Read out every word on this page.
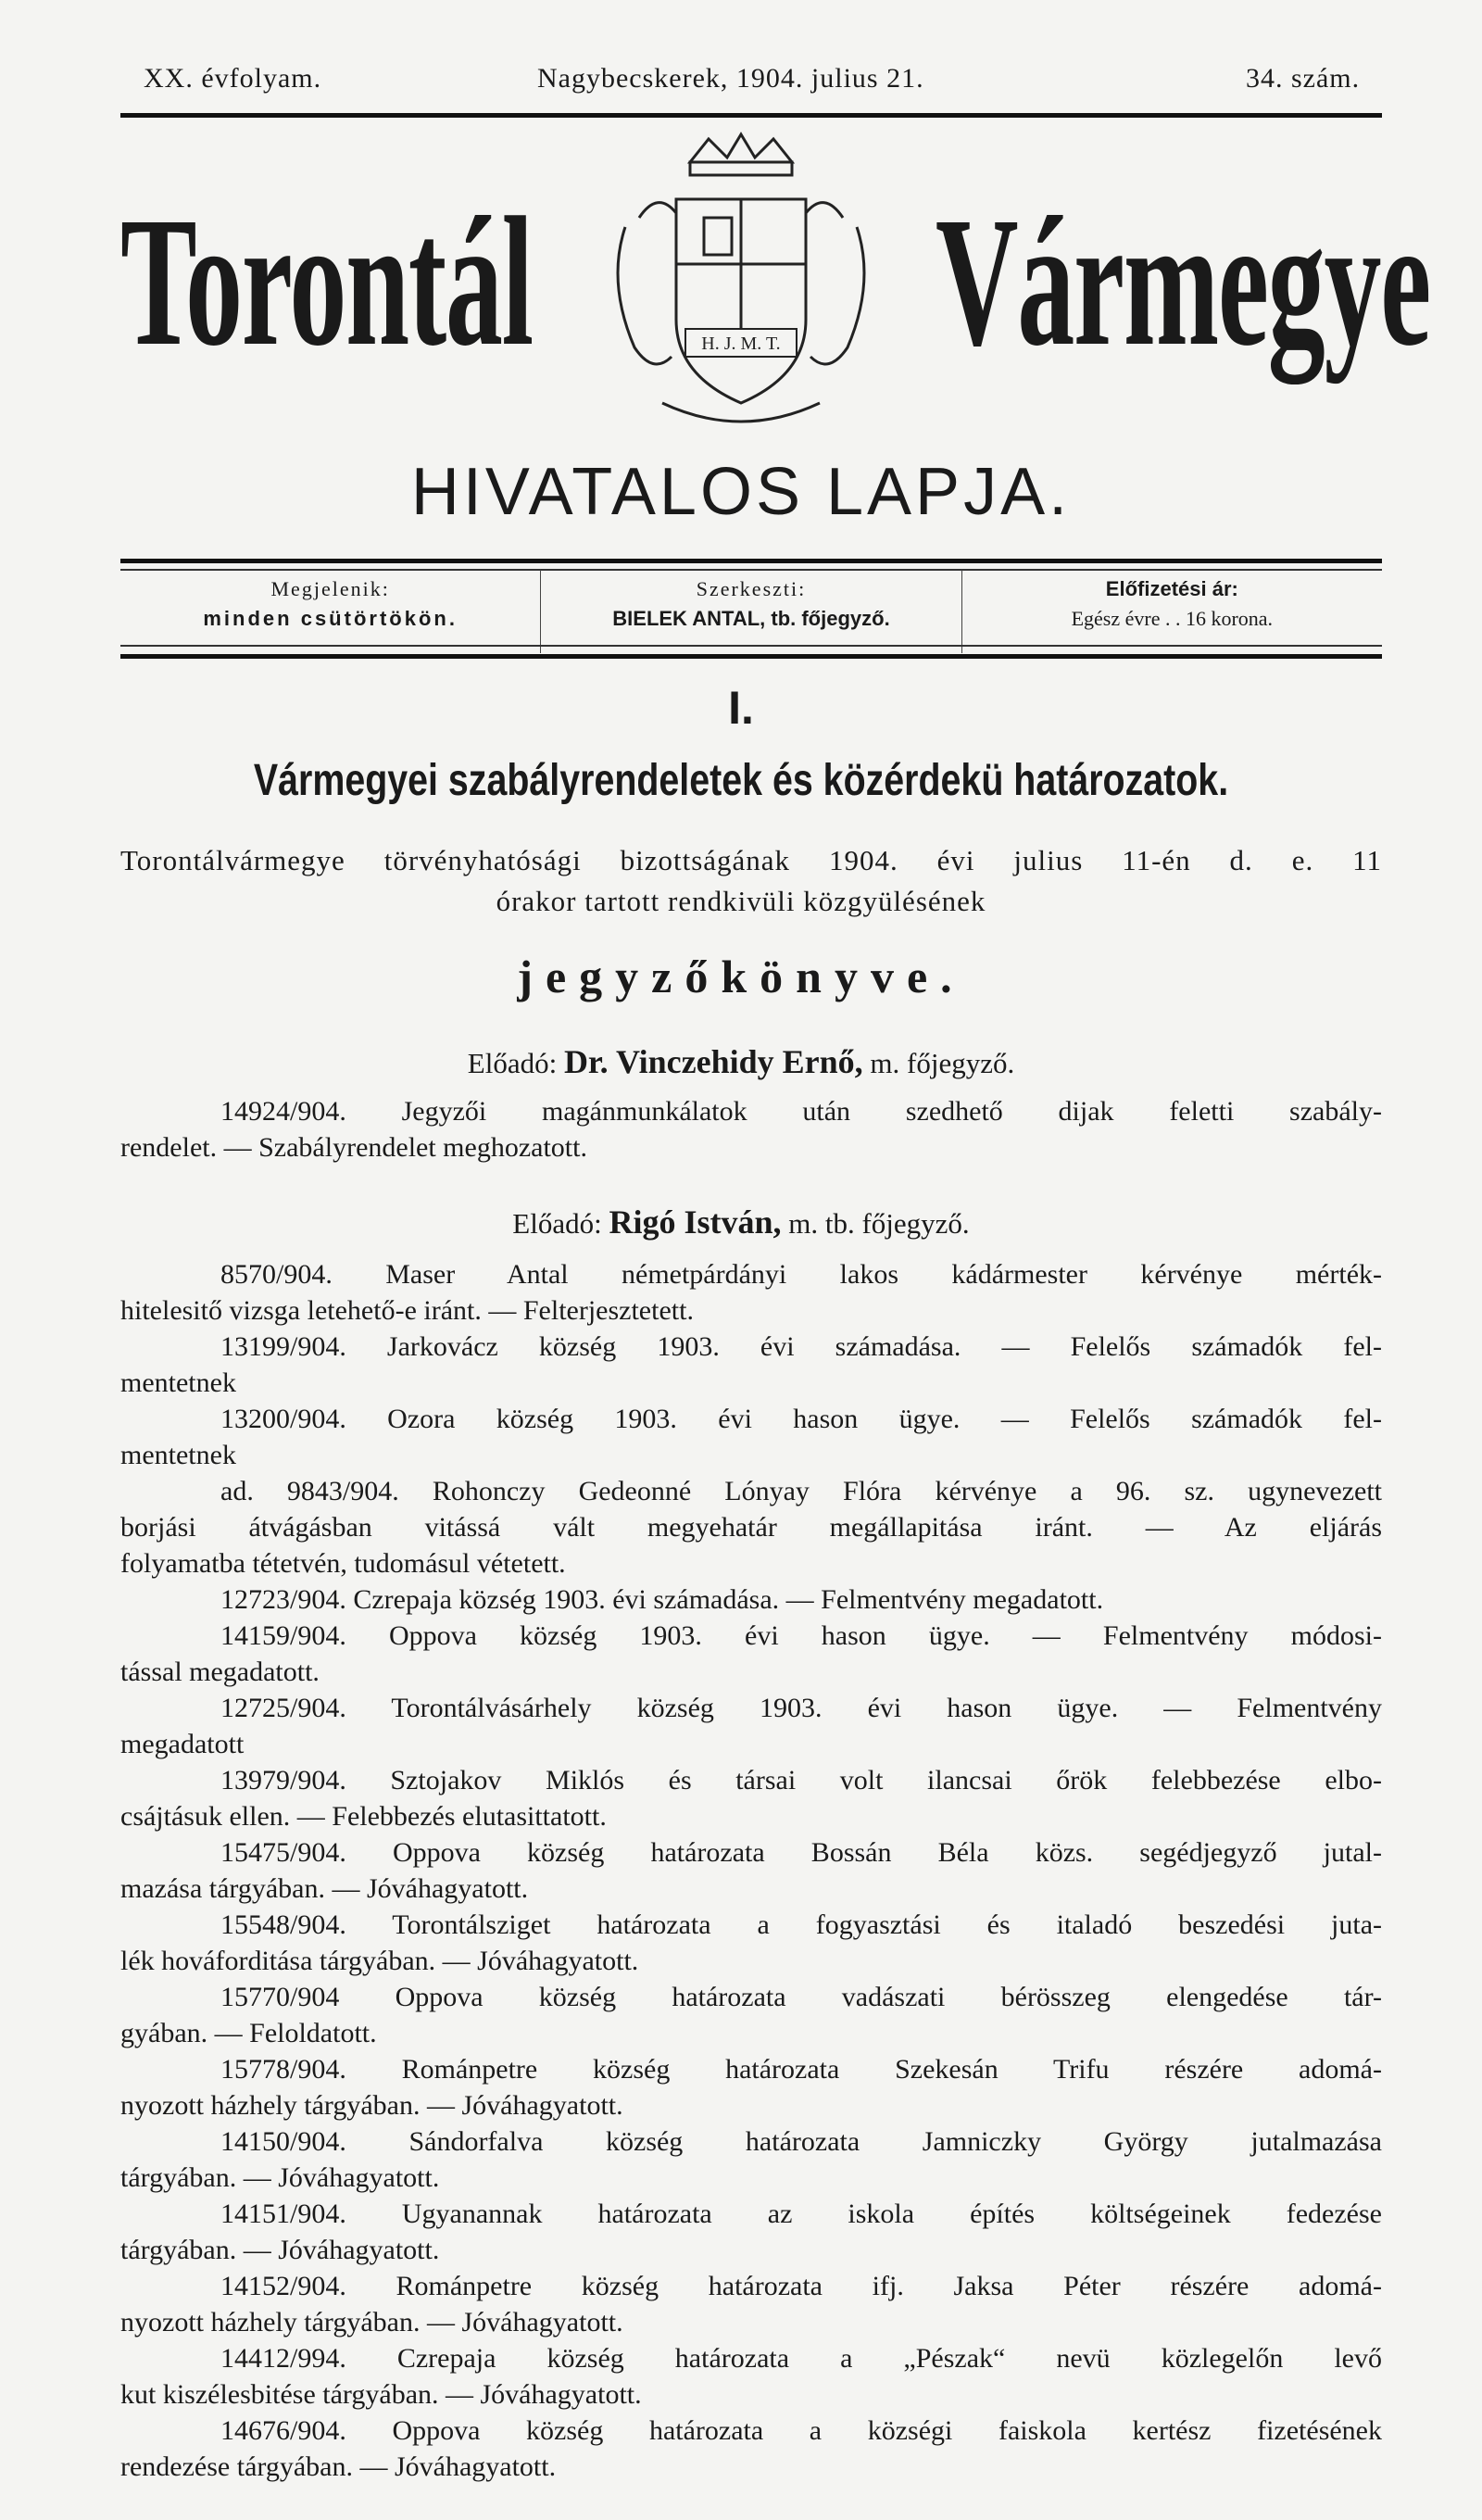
XX. évfolyam.	Nagybecskerek, 1904. julius 21.	34. szám.
Torontál Vármegye
H. J. M. T.
HIVATALOS LAPJA.
Megjelenik:
minden csütörtökön.
Szerkeszti:
BIELEK ANTAL, tb. főjegyző.
Előfizetési ár:
Egész évre . . 16 korona.
I.
Vármegyei szabályrendeletek és közérdekü határozatok.
Torontálvármegye törvényhatósági bizottságának 1904. évi julius 11-én d. e. 11
órakor tartott rendkivüli közgyülésének
jegyzőkönyve.
Előadó: Dr. Vinczehidy Ernő, m. főjegyző.
14924/904. Jegyzői magánmunkálatok után szedhető dijak feletti szabály-
rendelet. — Szabályrendelet meghozatott.
Előadó: Rigó István, m. tb. főjegyző.
8570/904. Maser Antal németpárdányi lakos kádármester kérvénye mérték-
hitelesitő vizsga letehető-e iránt. — Felterjesztetett.
13199/904. Jarkovácz község 1903. évi számadása. — Felelős számadók fel-
mentetnek
13200/904. Ozora község 1903. évi hason ügye. — Felelős számadók fel-
mentetnek
ad. 9843/904. Rohonczy Gedeonné Lónyay Flóra kérvénye a 96. sz. ugynevezett
borjási átvágásban vitássá vált megyehatár megállapitása iránt. — Az eljárás
folyamatba tétetvén, tudomásul vétetett.
12723/904. Czrepaja község 1903. évi számadása. — Felmentvény megadatott.
14159/904. Oppova község 1903. évi hason ügye. — Felmentvény módosi-
tással megadatott.
12725/904. Torontálvásárhely község 1903. évi hason ügye. — Felmentvény
megadatott
13979/904. Sztojakov Miklós és társai volt ilancsai őrök felebbezése elbo-
csájtásuk ellen. — Felebbezés elutasittatott.
15475/904. Oppova község határozata Bossán Béla közs. segédjegyző jutal-
mazása tárgyában. — Jóváhagyatott.
15548/904. Torontálsziget határozata a fogyasztási és italadó beszedési juta-
lék hováforditása tárgyában. — Jóváhagyatott.
15770/904 Oppova község határozata vadászati bérösszeg elengedése tár-
gyában. — Feloldatott.
15778/904. Románpetre község határozata Szekesán Trifu részére adomá-
nyozott házhely tárgyában. — Jóváhagyatott.
14150/904. Sándorfalva község határozata Jamniczky György jutalmazása
tárgyában. — Jóváhagyatott.
14151/904. Ugyanannak határozata az iskola építés költségeinek fedezése
tárgyában. — Jóváhagyatott.
14152/904. Románpetre község határozata ifj. Jaksa Péter részére adomá-
nyozott házhely tárgyában. — Jóváhagyatott.
14412/994. Czrepaja község határozata a „Pészak“ nevü közlegelőn levő
kut kiszélesbitése tárgyában. — Jóváhagyatott.
14676/904. Oppova község határozata a községi faiskola kertész fizetésének
rendezése tárgyában. — Jóváhagyatott.
